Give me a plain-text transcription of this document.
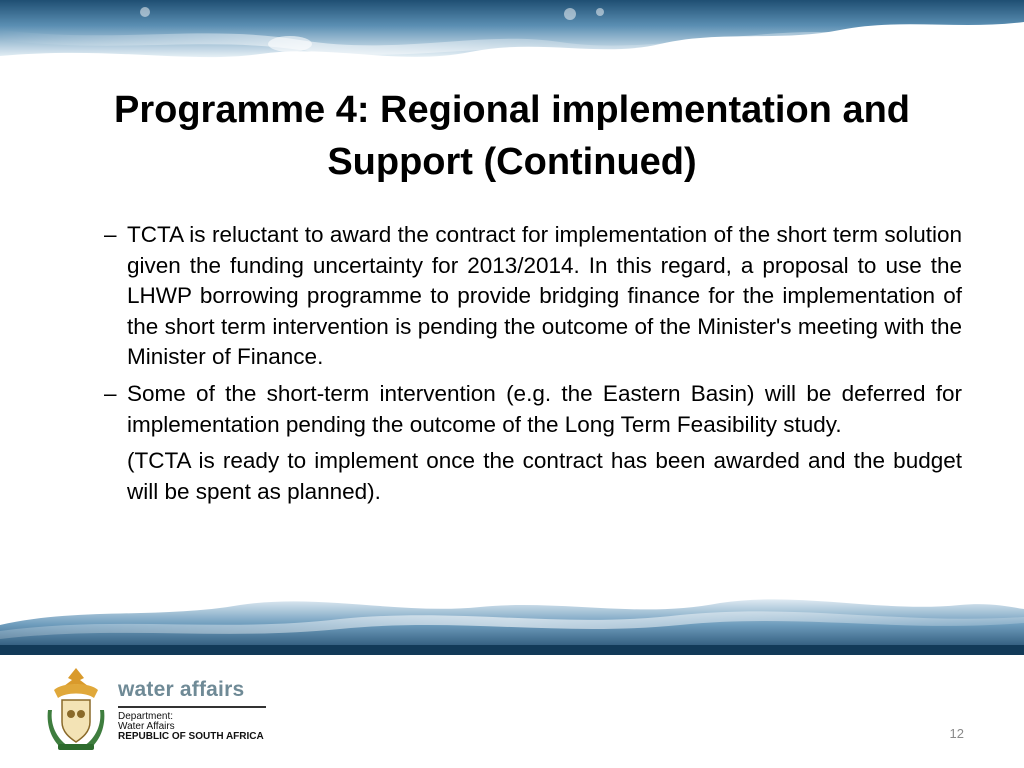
Programme 4: Regional implementation and
Support (Continued)
– TCTA is reluctant to award the contract for implementation of the short term solution given the funding uncertainty for 2013/2014. In this regard, a proposal to use the LHWP borrowing programme to provide bridging finance for the implementation of the short term intervention is pending the outcome of the Minister's meeting with the Minister of Finance.
– Some of the short-term intervention (e.g. the Eastern Basin) will be deferred for implementation pending the outcome of the Long Term Feasibility study.
(TCTA is ready to implement once the contract has been awarded and the budget will be spent as planned).
water affairs
Department:
Water Affairs
REPUBLIC OF SOUTH AFRICA	12
